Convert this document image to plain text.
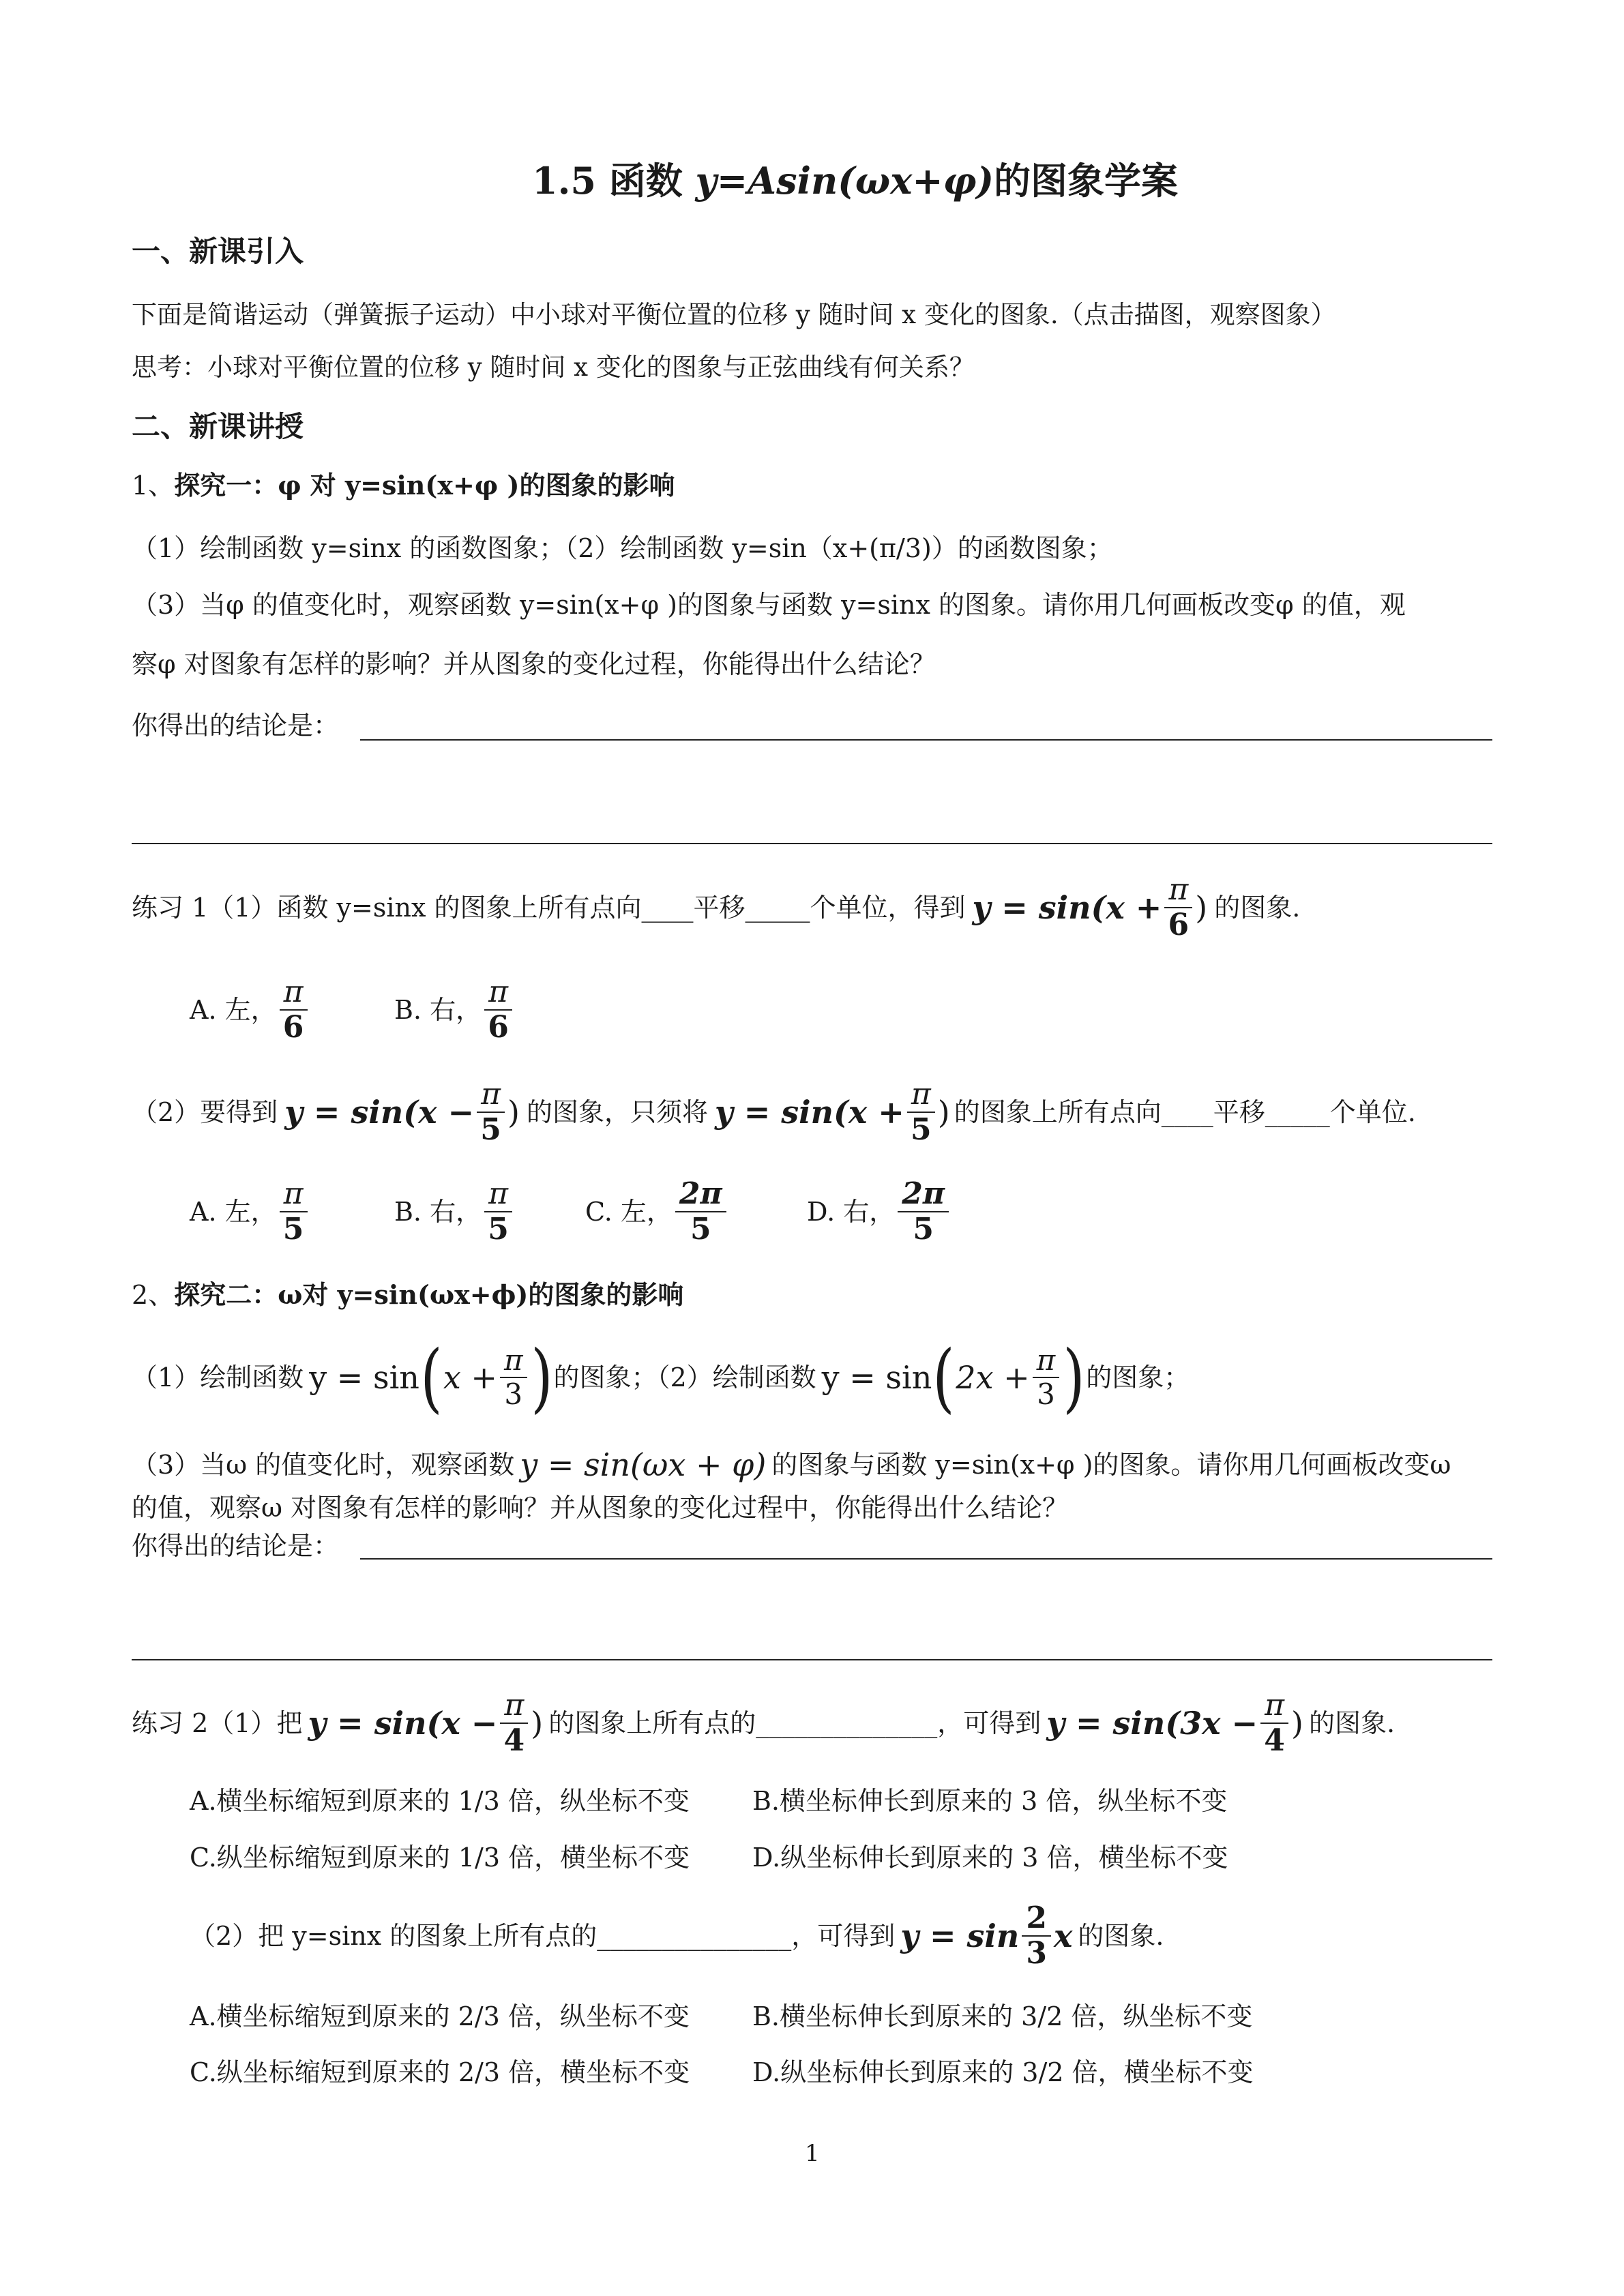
1.5 函数 y=Asin(ωx+φ)的图象学案
一、新课引入
下面是简谐运动（弹簧振子运动）中小球对平衡位置的位移 y 随时间 x 变化的图象.（点击描图，观察图象）
思考：小球对平衡位置的位移 y 随时间 x 变化的图象与正弦曲线有何关系？
二、新课讲授
1、探究一：φ 对 y=sin(x+φ )的图象的影响
（1）绘制函数 y=sinx 的函数图象；（2）绘制函数 y=sin（x+(π/3)）的函数图象；
（3）当φ 的值变化时，观察函数 y=sin(x+φ )的图象与函数 y=sinx 的图象。请你用几何画板改变φ 的值，观
察φ 对图象有怎样的影响？并从图象的变化过程，你能得出什么结论？
你得出的结论是：
练习 1（1）函数 y=sinx 的图象上所有点向____平移_____个单位，得到 $y = \sin(x + \frac{\pi}{6}$ ) 的图象.
A. 左， $\frac{\pi}{6}$	B. 右， $\frac{\pi}{6}$
（2）要得到 $y = \sin(x - \frac{\pi}{5}$ ) 的图象，只须将 $y = \sin(x + \frac{\pi}{5}$ ) 的图象上所有点向____平移_____个单位.
A. 左， $\frac{\pi}{5}$	B. 右， $\frac{\pi}{5}$	C. 左， $\frac{2\pi}{5}$	D. 右， $\frac{2\pi}{5}$
2、探究二：ω对 y=sin(ωx+ϕ)的图象的影响
（1）绘制函数 y = sin ( $x + \frac{\pi}{3}$ ) 的图象；（2）绘制函数 y = sin ( $2x + \frac{\pi}{3}$ ) 的图象；
（3）当ω 的值变化时，观察函数 y = sin(ωx + φ) 的图象与函数 y=sin(x+φ )的图象。请你用几何画板改变ω
的值，观察ω 对图象有怎样的影响？并从图象的变化过程中，你能得出什么结论？
你得出的结论是：
练习 2（1）把 $y = \sin(x - \frac{\pi}{4}$ ) 的图象上所有点的______________，可得到 $y = \sin(3x - \frac{\pi}{4}$ ) 的图象.
A.横坐标缩短到原来的 1/3 倍，纵坐标不变 B.横坐标伸长到原来的 3 倍，纵坐标不变
C.纵坐标缩短到原来的 1/3 倍，横坐标不变 D.纵坐标伸长到原来的 3 倍，横坐标不变
（2）把 y=sinx 的图象上所有点的_______________，可得到 $y = \sin \frac{2}{3}$ x 的图象.
A.横坐标缩短到原来的 2/3 倍，纵坐标不变 B.横坐标伸长到原来的 3/2 倍，纵坐标不变
C.纵坐标缩短到原来的 2/3 倍，横坐标不变 D.纵坐标伸长到原来的 3/2 倍，横坐标不变
1
